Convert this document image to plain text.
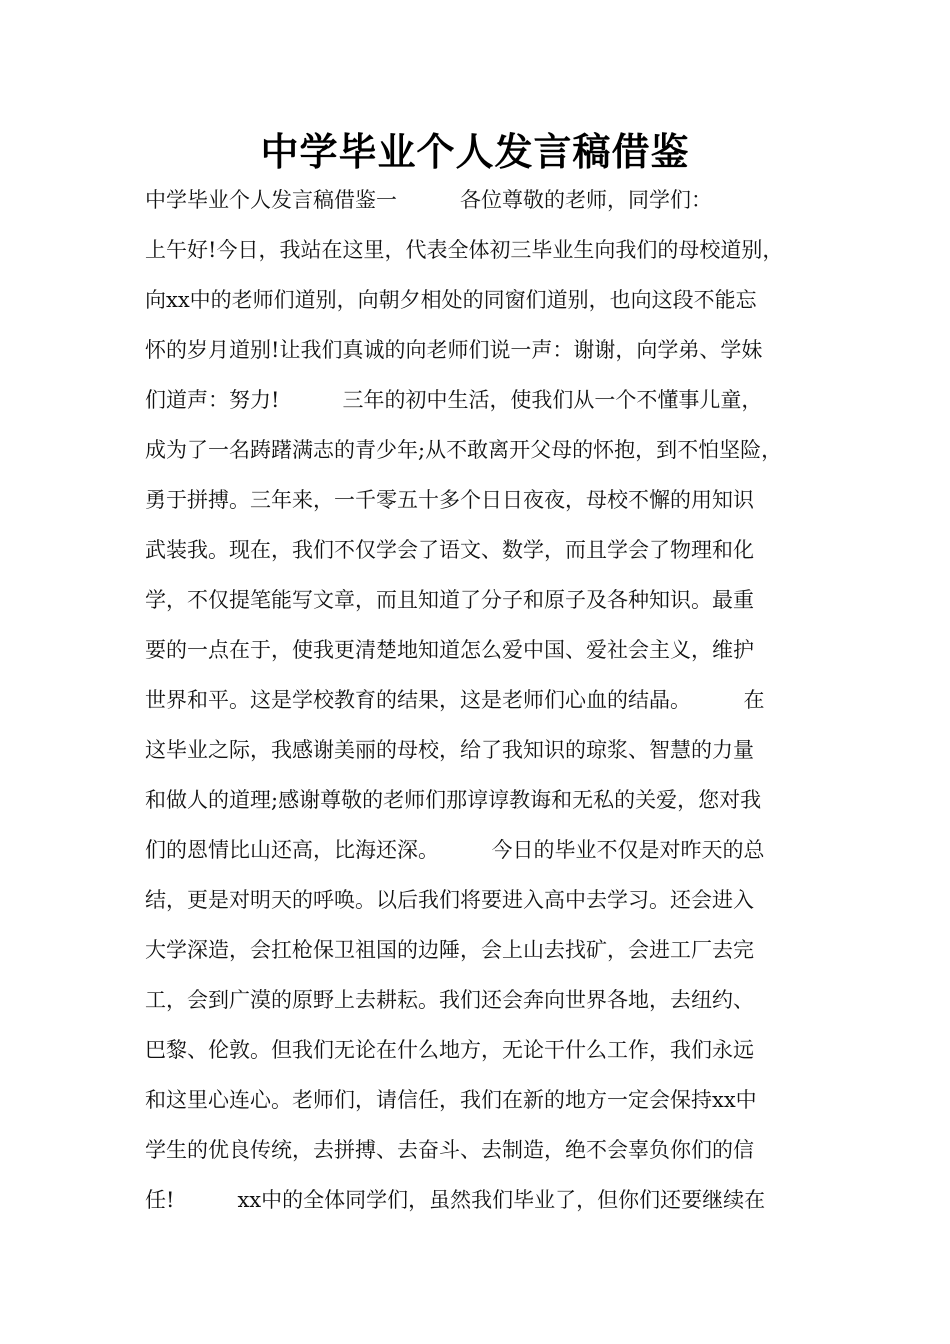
中学毕业个人发言稿借鉴
中学毕业个人发言稿借鉴一　　　各位尊敬的老师，同学们：
上午好!今日，我站在这里，代表全体初三毕业生向我们的母校道别，
向xx中的老师们道别，向朝夕相处的同窗们道别，也向这段不能忘
怀的岁月道别!让我们真诚的向老师们说一声：谢谢，向学弟、学妹
们道声：努力!　　　三年的初中生活，使我们从一个不懂事儿童，
成为了一名踌躇满志的青少年;从不敢离开父母的怀抱，到不怕坚险，
勇于拼搏。三年来，一千零五十多个日日夜夜，母校不懈的用知识
武装我。现在，我们不仅学会了语文、数学，而且学会了物理和化
学，不仅提笔能写文章，而且知道了分子和原子及各种知识。最重
要的一点在于，使我更清楚地知道怎么爱中国、爱社会主义，维护
世界和平。这是学校教育的结果，这是老师们心血的结晶。　　　在
这毕业之际，我感谢美丽的母校，给了我知识的琼浆、智慧的力量
和做人的道理;感谢尊敬的老师们那谆谆教诲和无私的关爱，您对我
们的恩情比山还高，比海还深。　　　今日的毕业不仅是对昨天的总
结，更是对明天的呼唤。以后我们将要进入高中去学习。还会进入
大学深造，会扛枪保卫祖国的边陲，会上山去找矿，会进工厂去完
工，会到广漠的原野上去耕耘。我们还会奔向世界各地，去纽约、
巴黎、伦敦。但我们无论在什么地方，无论干什么工作，我们永远
和这里心连心。老师们，请信任，我们在新的地方一定会保持xx中
学生的优良传统，去拼搏、去奋斗、去制造，绝不会辜负你们的信
任!　　　xx中的全体同学们，虽然我们毕业了，但你们还要继续在
